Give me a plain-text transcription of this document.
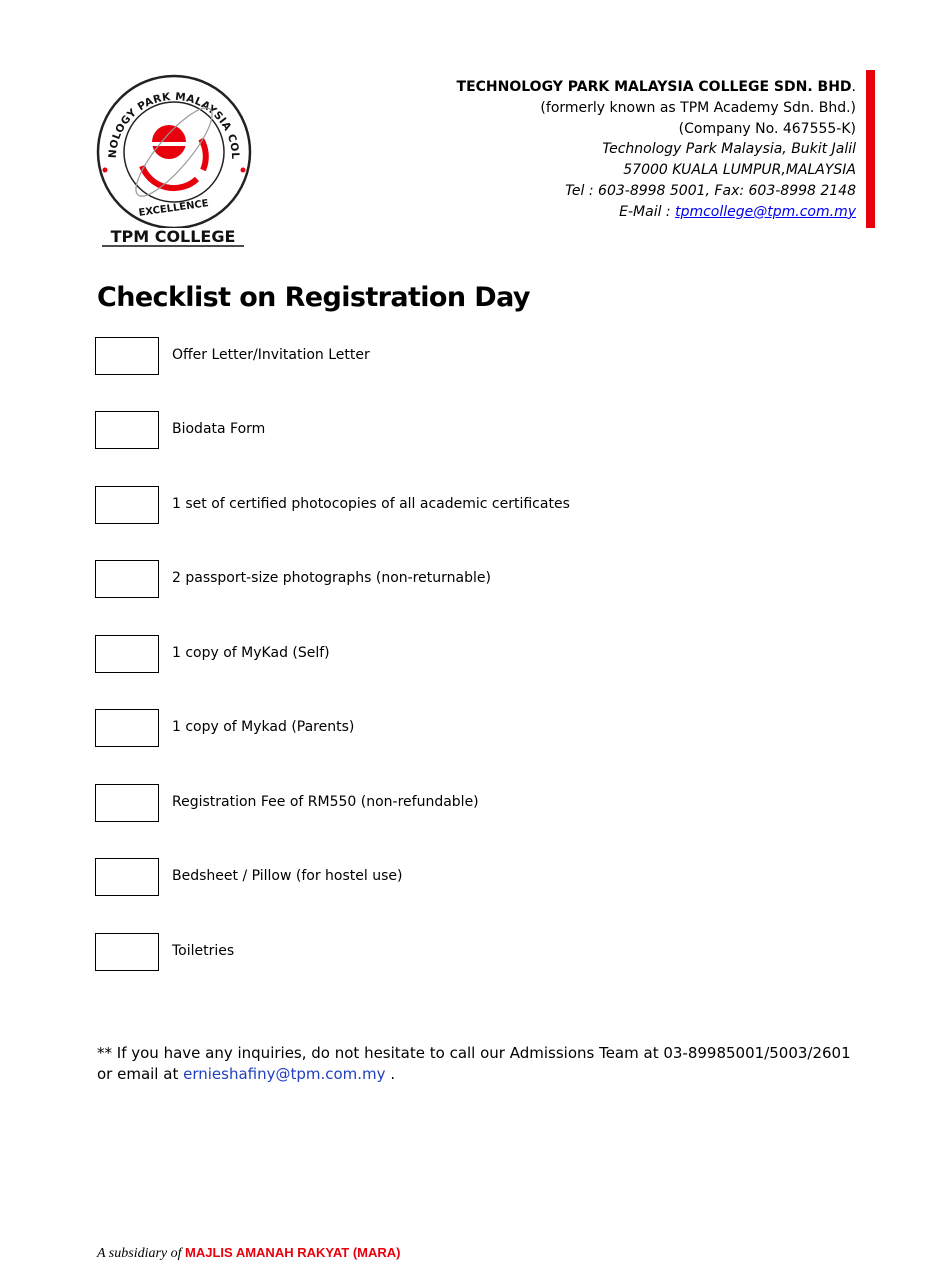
NOLOGY PARK MALAYSIA COL
EXCELLENCE
TPM COLLEGE
TECHNOLOGY PARK MALAYSIA COLLEGE SDN. BHD.
(formerly known as TPM Academy Sdn. Bhd.)
(Company No. 467555-K)
Technology Park Malaysia, Bukit Jalil
57000 KUALA LUMPUR,MALAYSIA
Tel : 603-8998 5001, Fax: 603-8998 2148
E-Mail : tpmcollege@tpm.com.my
Checklist on Registration Day
Offer Letter/Invitation Letter
Biodata Form
1 set of certified photocopies of all academic certificates
2 passport-size photographs (non-returnable)
1 copy of MyKad (Self)
1 copy of Mykad (Parents)
Registration Fee of RM550 (non-refundable)
Bedsheet / Pillow (for hostel use)
Toiletries
** If you have any inquiries, do not hesitate to call our Admissions Team at 03-89985001/5003/2601 or email at ernieshafiny@tpm.com.my .
A subsidiary of MAJLIS AMANAH RAKYAT (MARA)
